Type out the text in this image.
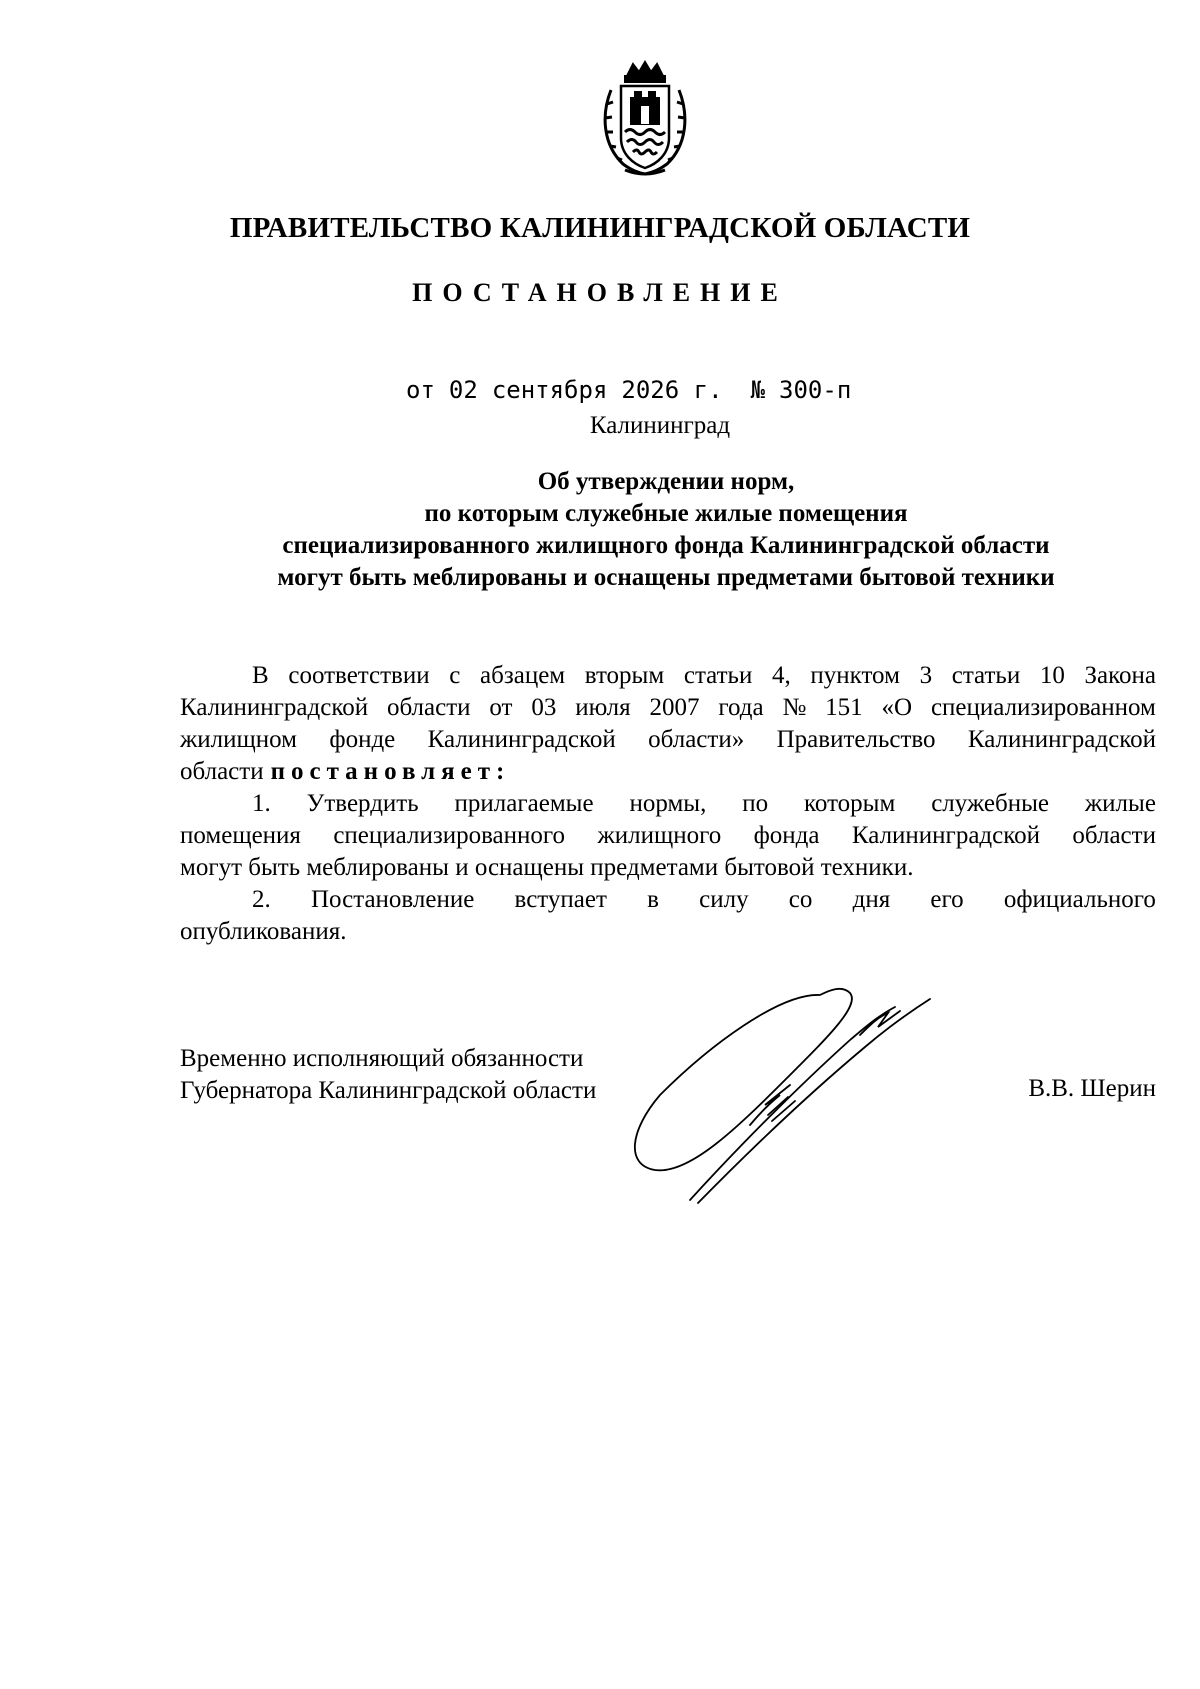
ПРАВИТЕЛЬСТВО КАЛИНИНГРАДСКОЙ ОБЛАСТИ
ПОСТАНОВЛЕНИЕ
от 02 сентября 2026 г. № 300-п
Калининград
Об утверждении норм,
по которым служебные жилые помещения
специализированного жилищного фонда Калининградской области
могут быть меблированы и оснащены предметами бытовой техники
В соответствии с абзацем вторым статьи 4, пунктом 3 статьи 10 Закона
Калининградской области от 03 июля 2007 года № 151 «О специализированном
жилищном фонде Калининградской области» Правительство Калининградской
области постановляет:
1. Утвердить прилагаемые нормы, по которым служебные жилые
помещения специализированного жилищного фонда Калининградской области
могут быть меблированы и оснащены предметами бытовой техники.
2. Постановление вступает в силу со дня его официального
опубликования.
Временно исполняющий обязанности
Губернатора Калининградской области	В.В. Шерин
